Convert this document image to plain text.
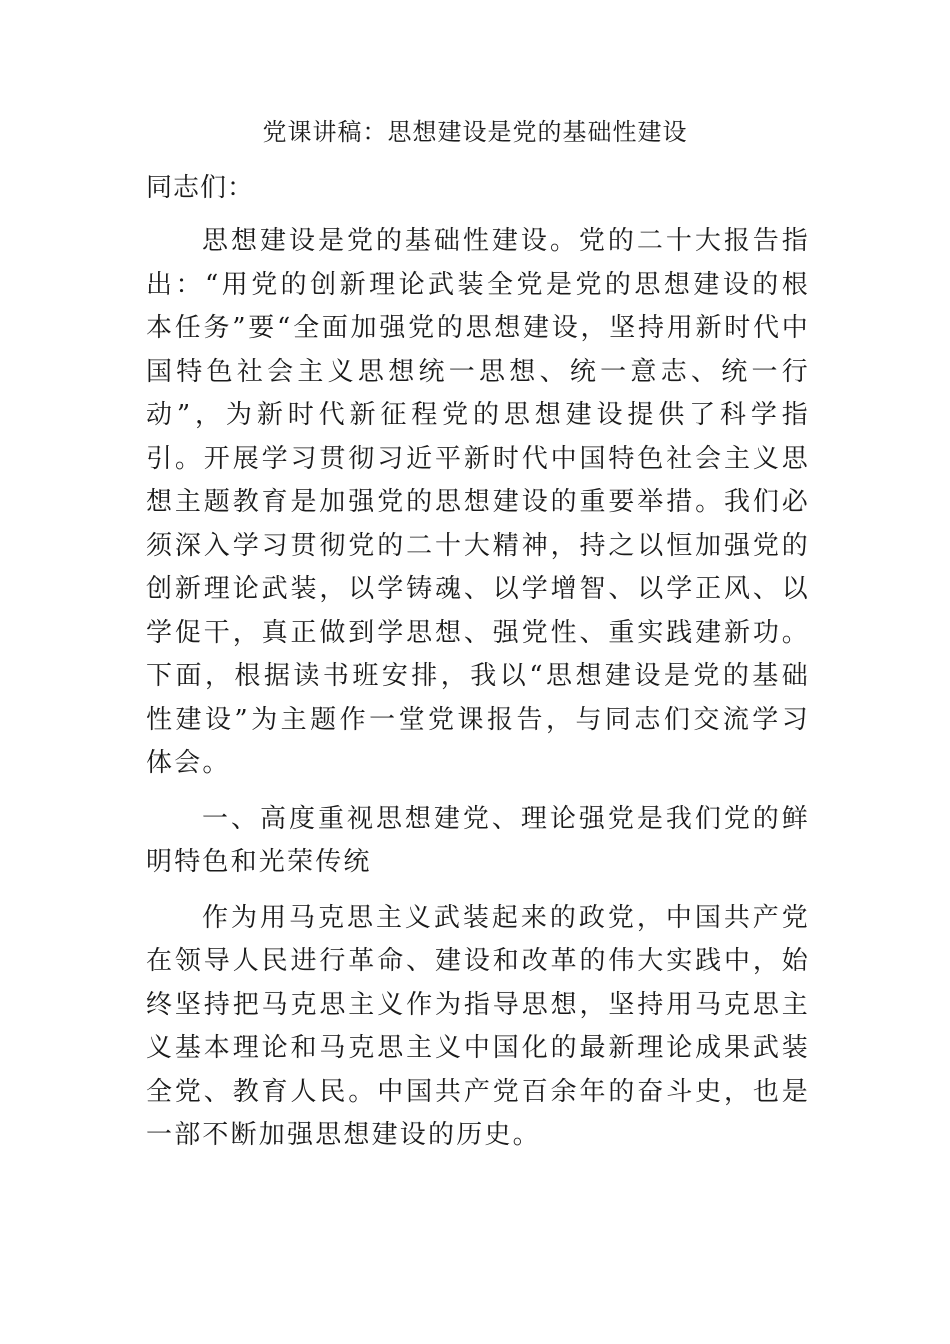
党课讲稿：思想建设是党的基础性建设
同志们：

思想建设是党的基础性建设。党的二十大报告指出：“用党的创新理论武装全党是党的思想建设的根本任务”要“全面加强党的思想建设，坚持用新时代中国特色社会主义思想统一思想、统一意志、统一行动”，为新时代新征程党的思想建设提供了科学指引。开展学习贯彻习近平新时代中国特色社会主义思想主题教育是加强党的思想建设的重要举措。我们必须深入学习贯彻党的二十大精神，持之以恒加强党的创新理论武装，以学铸魂、以学增智、以学正风、以学促干，真正做到学思想、强党性、重实践建新功。下面，根据读书班安排，我以“思想建设是党的基础性建设”为主题作一堂党课报告，与同志们交流学习体会。

一、高度重视思想建党、理论强党是我们党的鲜明特色和光荣传统

作为用马克思主义武装起来的政党，中国共产党在领导人民进行革命、建设和改革的伟大实践中，始终坚持把马克思主义作为指导思想，坚持用马克思主义基本理论和马克思主义中国化的最新理论成果武装全党、教育人民。中国共产党百余年的奋斗史，也是一部不断加强思想建设的历史。
